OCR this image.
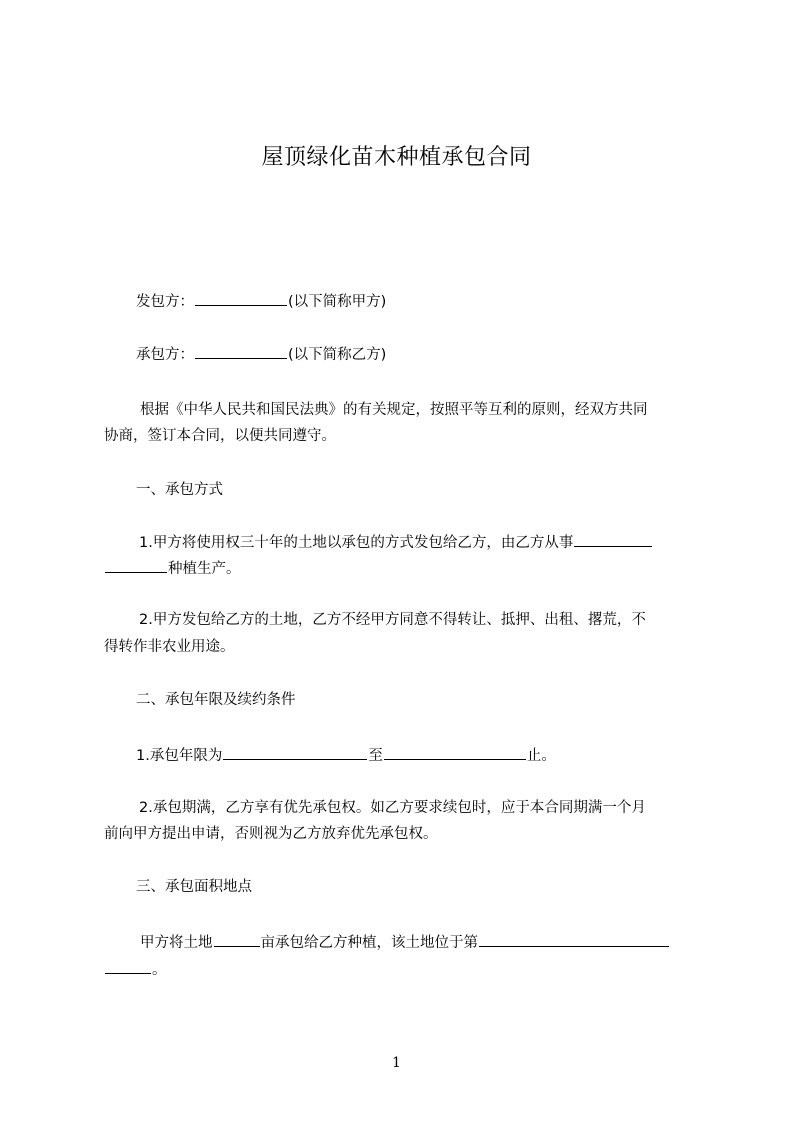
屋顶绿化苗木种植承包合同
发包方：	(以下简称甲方)
承包方：	(以下简称乙方)
根据《中华人民共和国民法典》的有关规定，按照平等互利的原则，经双方共同
协商，签订本合同，以便共同遵守。
一、承包方式
1.甲方将使用权三十年的土地以承包的方式发包给乙方，由乙方从事
种植生产。
2.甲方发包给乙方的土地，乙方不经甲方同意不得转让、抵押、出租、撂荒，不
得转作非农业用途。
二、承包年限及续约条件
1.承包年限为	至	止。
2.承包期满，乙方享有优先承包权。如乙方要求续包时，应于本合同期满一个月
前向甲方提出申请，否则视为乙方放弃优先承包权。
三、承包面积地点
甲方将土地	亩承包给乙方种植，该土地位于第
。
1
